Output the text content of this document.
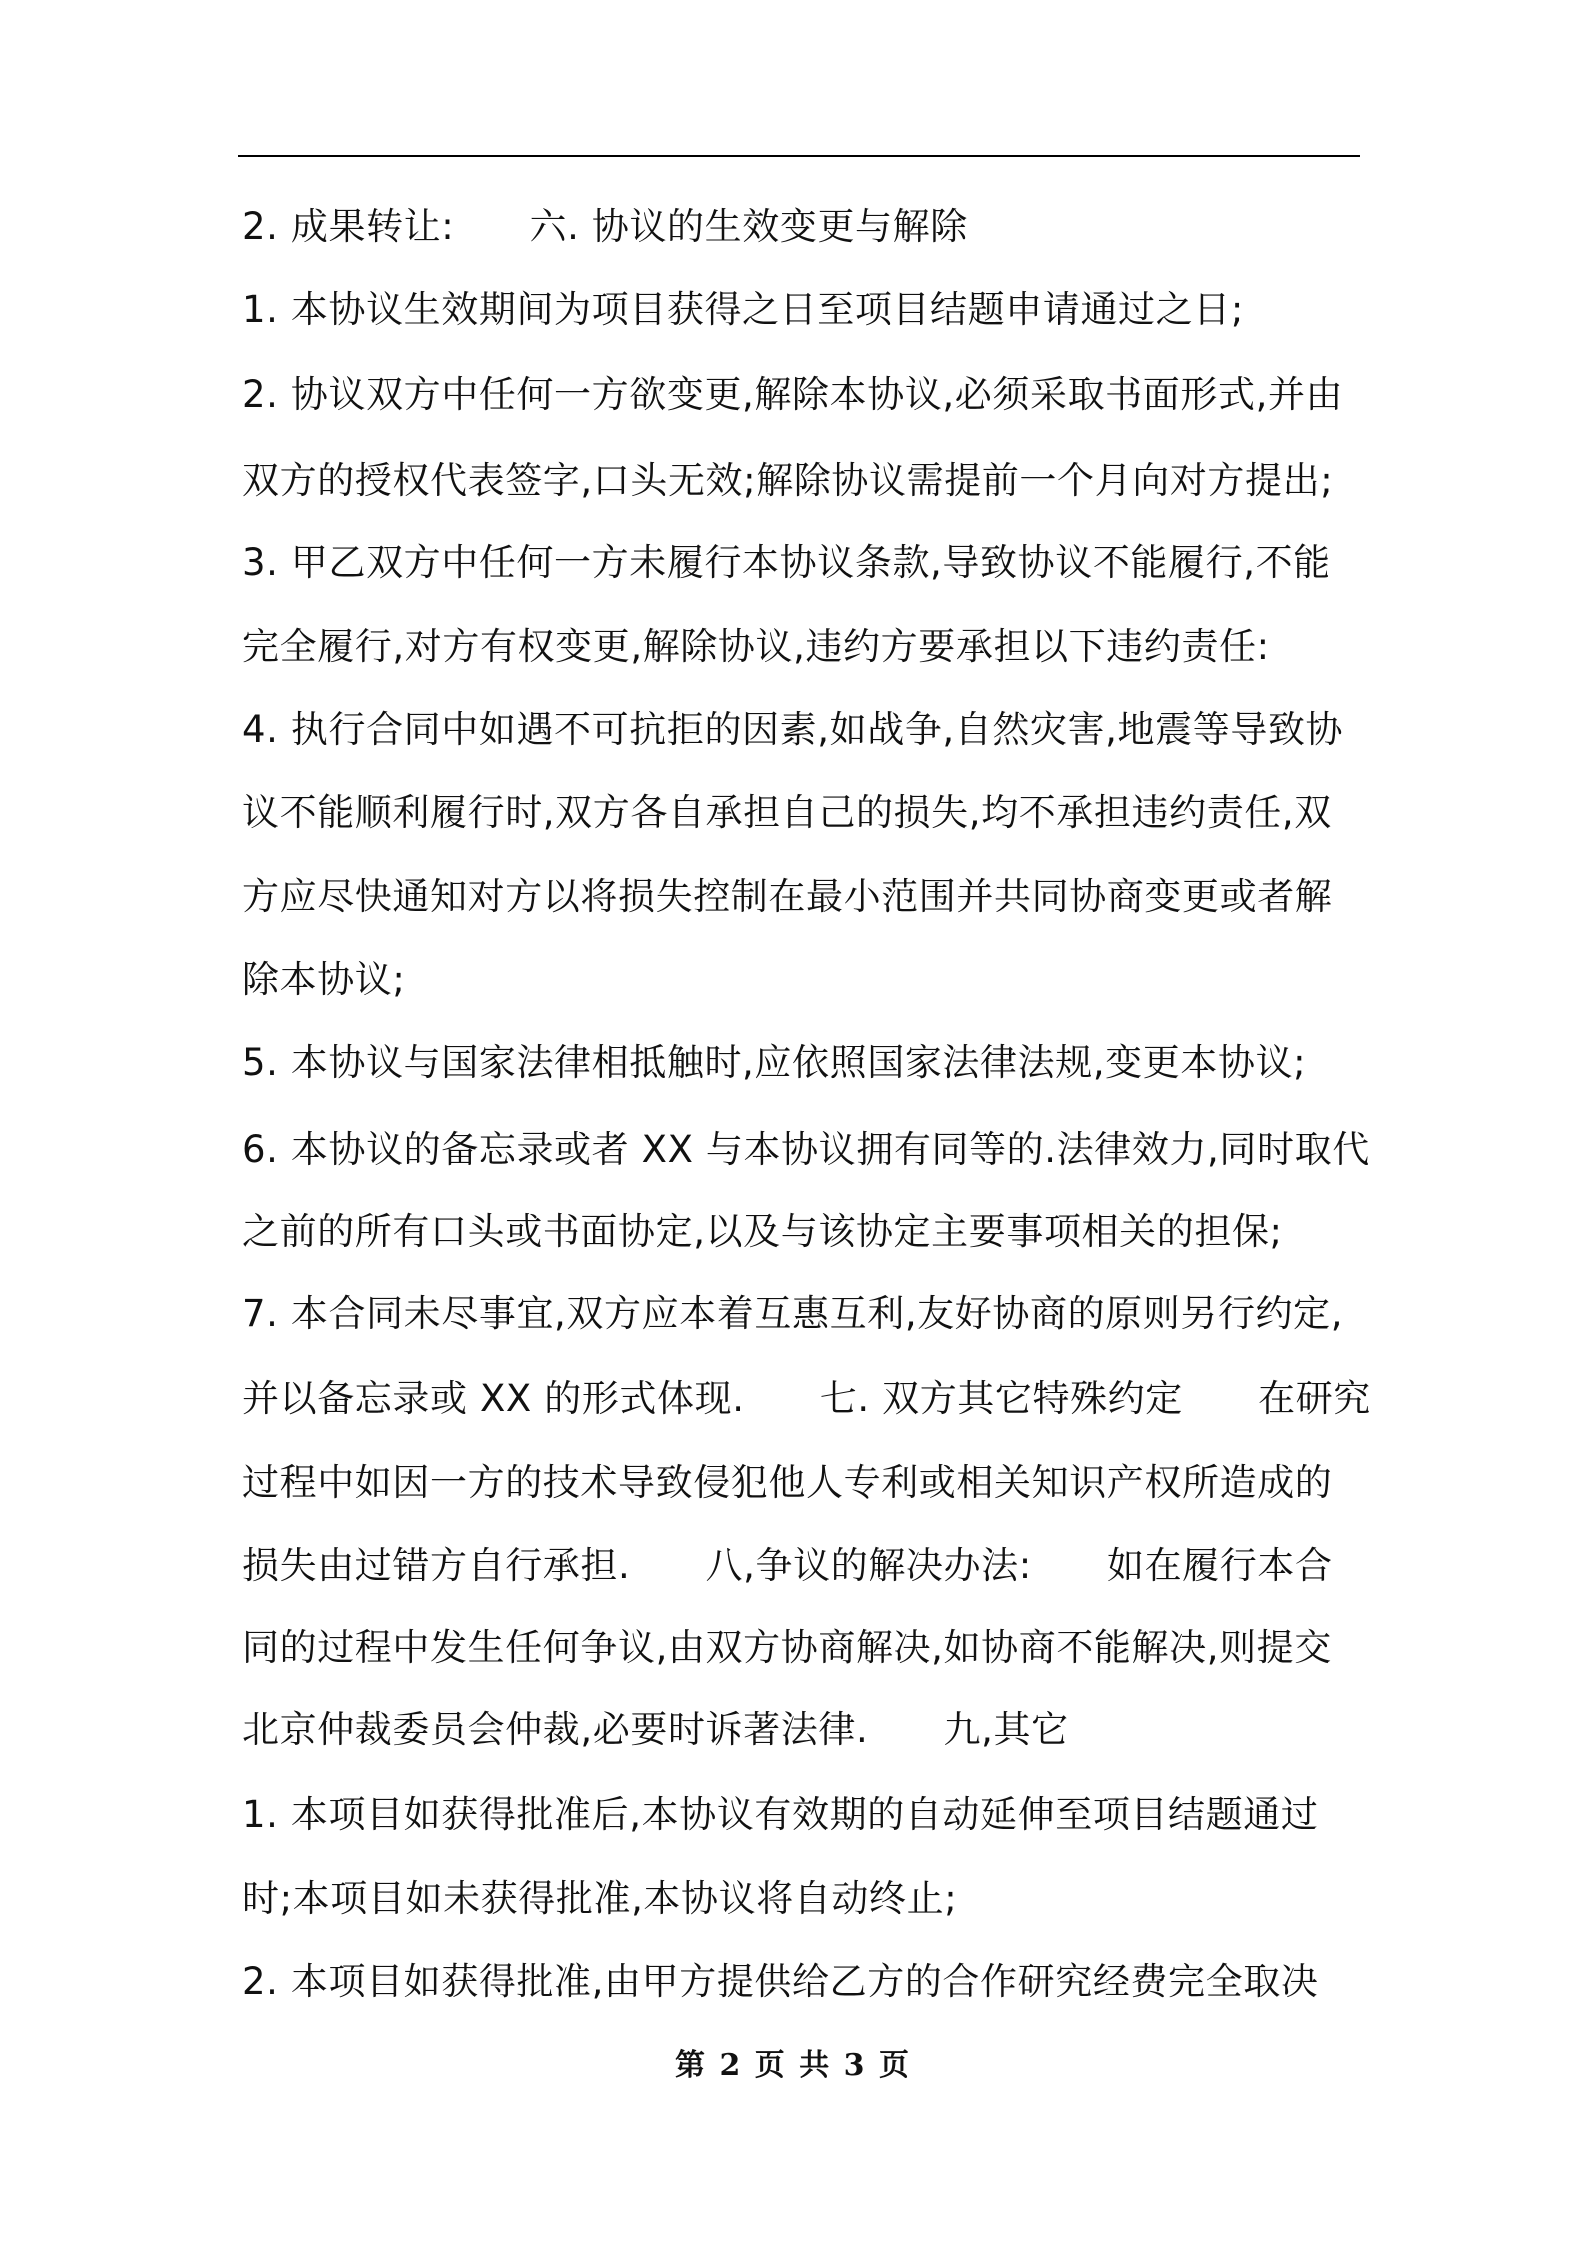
2. 成果转让:　　六. 协议的生效变更与解除
1. 本协议生效期间为项目获得之日至项目结题申请通过之日;
2. 协议双方中任何一方欲变更,解除本协议,必须采取书面形式,并由
双方的授权代表签字,口头无效;解除协议需提前一个月向对方提出;
3. 甲乙双方中任何一方未履行本协议条款,导致协议不能履行,不能
完全履行,对方有权变更,解除协议,违约方要承担以下违约责任:
4. 执行合同中如遇不可抗拒的因素,如战争,自然灾害,地震等导致协
议不能顺利履行时,双方各自承担自己的损失,均不承担违约责任,双
方应尽快通知对方以将损失控制在最小范围并共同协商变更或者解
除本协议;
5. 本协议与国家法律相抵触时,应依照国家法律法规,变更本协议;
6. 本协议的备忘录或者 XX 与本协议拥有同等的.法律效力,同时取代
之前的所有口头或书面协定,以及与该协定主要事项相关的担保;
7. 本合同未尽事宜,双方应本着互惠互利,友好协商的原则另行约定,
并以备忘录或 XX 的形式体现.　　七. 双方其它特殊约定　　在研究
过程中如因一方的技术导致侵犯他人专利或相关知识产权所造成的
损失由过错方自行承担.　　八,争议的解决办法:　　如在履行本合
同的过程中发生任何争议,由双方协商解决,如协商不能解决,则提交
北京仲裁委员会仲裁,必要时诉著法律.　　九,其它
1. 本项目如获得批准后,本协议有效期的自动延伸至项目结题通过
时;本项目如未获得批准,本协议将自动终止;
2. 本项目如获得批准,由甲方提供给乙方的合作研究经费完全取决
第 2 页 共 3 页
